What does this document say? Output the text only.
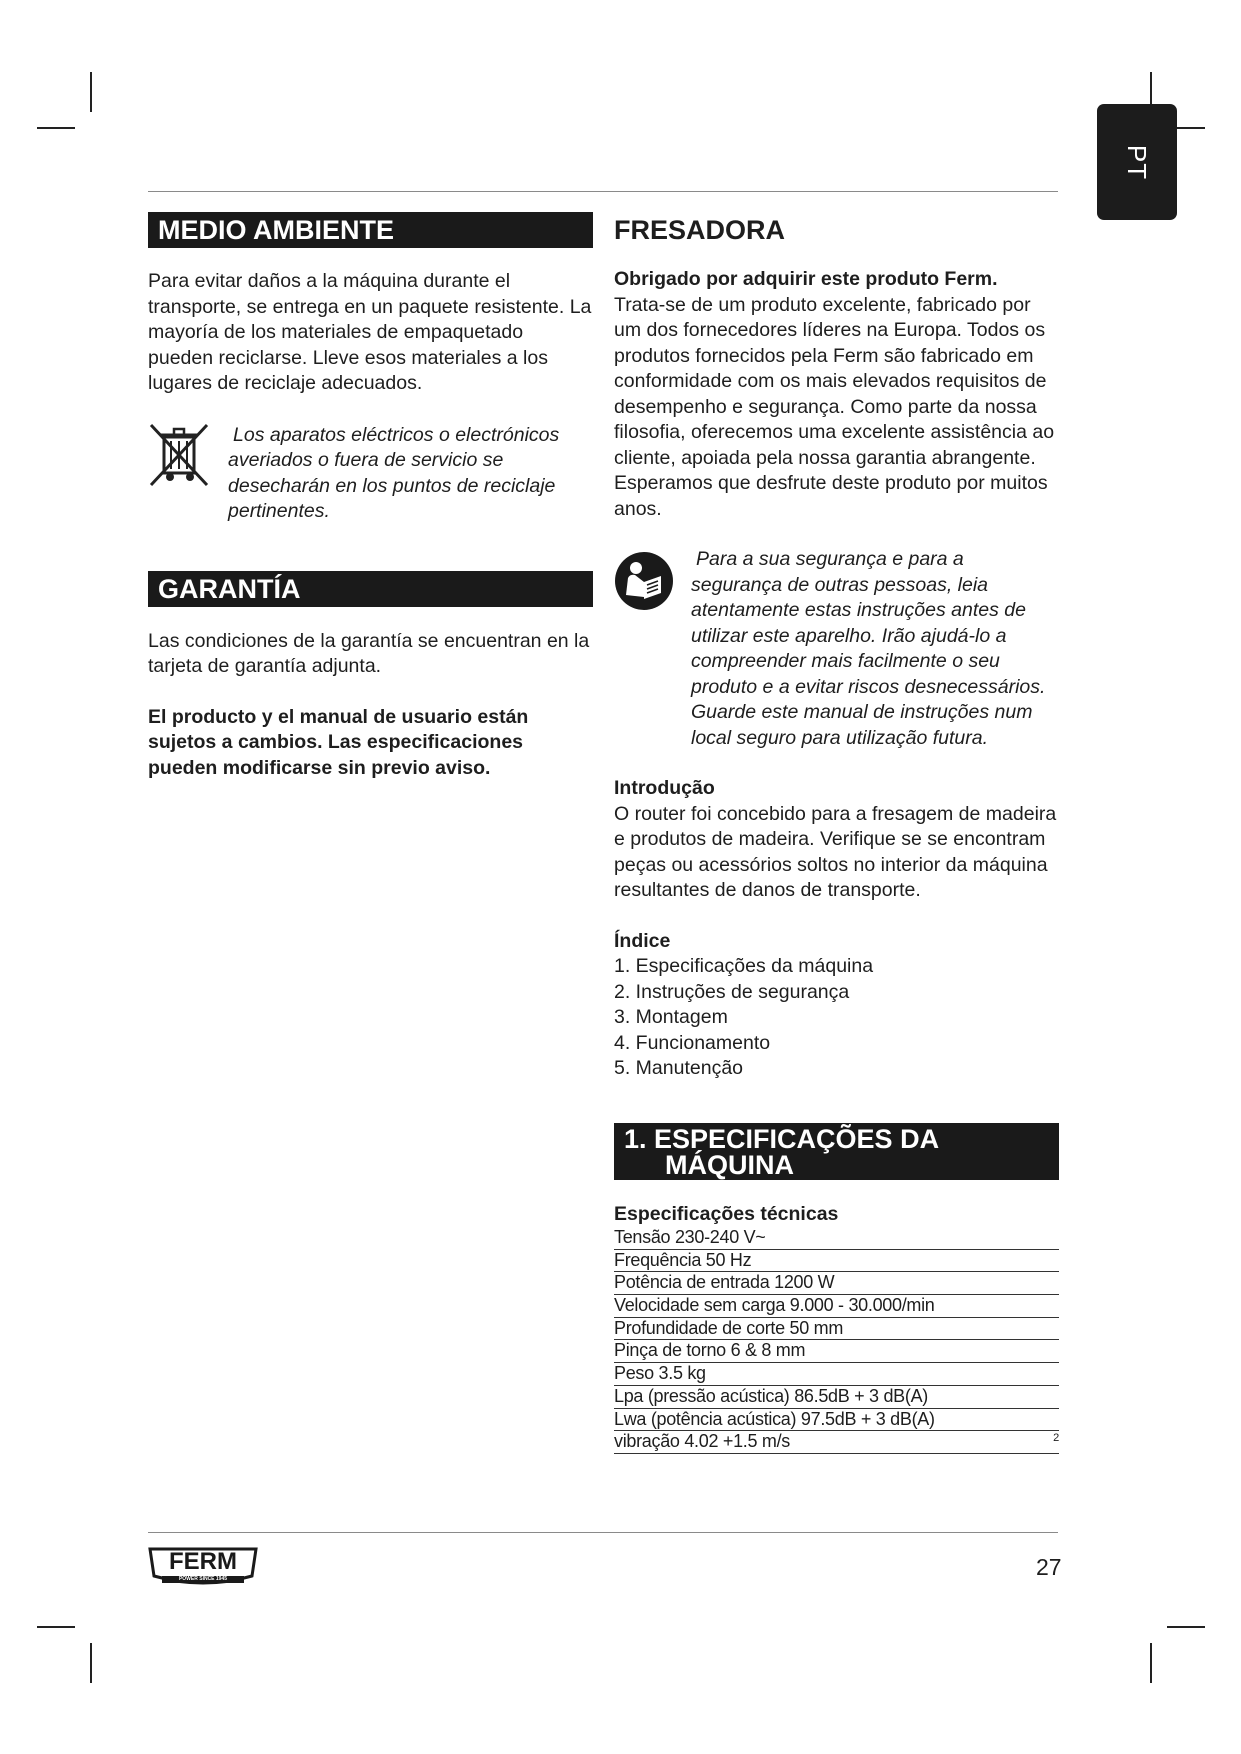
PT
MEDIO AMBIENTE

Para evitar daños a la máquina durante el transporte, se entrega en un paquete resistente. La mayoría de los materiales de empaquetado pueden reciclarse. Lleve esos materiales a los lugares de reciclaje adecuados.

Los aparatos eléctricos o electrónicos averiados o fuera de servicio se desecharán en los puntos de reciclaje pertinentes.

GARANTÍA

Las condiciones de la garantía se encuentran en la tarjeta de garantía adjunta.

El producto y el manual de usuario están sujetos a cambios. Las especificaciones pueden modificarse sin previo aviso.

FRESADORA

Obrigado por adquirir este produto Ferm.

Trata-se de um produto excelente, fabricado por um dos fornecedores líderes na Europa. Todos os produtos fornecidos pela Ferm são fabricado em conformidade com os mais elevados requisitos de desempenho e segurança. Como parte da nossa filosofia, oferecemos uma excelente assistência ao cliente, apoiada pela nossa garantia abrangente. Esperamos que desfrute deste produto por muitos anos.

Para a sua segurança e para a segurança de outras pessoas, leia atentamente estas instruções antes de utilizar este aparelho. Irão ajudá-lo a compreender mais facilmente o seu produto e a evitar riscos desnecessários. Guarde este manual de instruções num local seguro para utilização futura.

Introdução

O router foi concebido para a fresagem de madeira e produtos de madeira. Verifique se se encontram peças ou acessórios soltos no interior da máquina resultantes de danos de transporte.

Índice

1. Especificações da máquina
2. Instruções de segurança
3. Montagem
4. Funcionamento
5. Manutenção
1. ESPECIFICAÇÕES DA
MÁQUINA

Especificações técnicas

Tensão 230-240 V~
Frequência 50 Hz
Potência de entrada 1200 W
Velocidade sem carga 9.000 - 30.000/min
Profundidade de corte 50 mm
Pinça de torno 6 & 8 mm
Peso 3.5 kg
Lpa (pressão acústica) 86.5dB + 3 dB(A)
Lwa (potência acústica) 97.5dB + 3 dB(A)
vibração 4.02 +1.5 m/s	2
FERM
POWER SINCE 1945	27
